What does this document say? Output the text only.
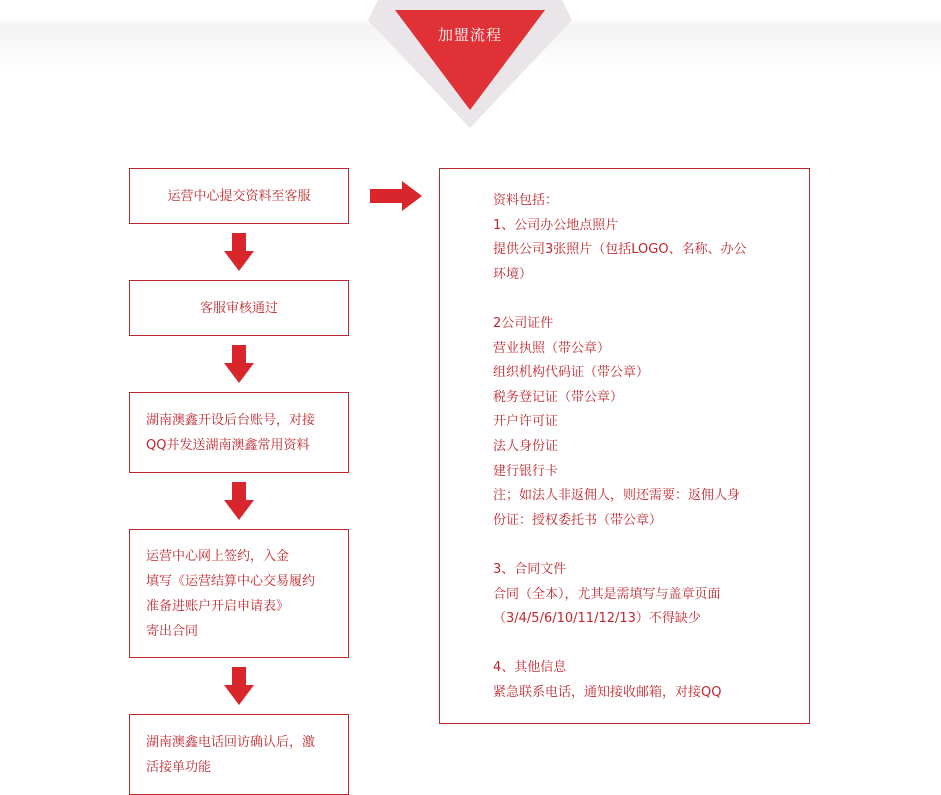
加盟流程
运营中心提交资料至客服
客服审核通过
湖南澳鑫开设后台账号，对接
QQ并发送湖南澳鑫常用资料
运营中心网上签约，入金
填写《运营结算中心交易履约
准备进账户开启申请表》
寄出合同
湖南澳鑫电话回访确认后，激
活接单功能
资料包括：
1、公司办公地点照片
提供公司3张照片（包括LOGO、名称、办公
环境）
2公司证件
营业执照（带公章）
组织机构代码证（带公章）
税务登记证（带公章）
开户许可证
法人身份证
建行银行卡
注；如法人非返佣人，则还需要：返佣人身
份证：授权委托书（带公章）
3、合同文件
合同（全本），尤其是需填写与盖章页面
（3/4/5/6/10/11/12/13）不得缺少
4、其他信息
紧急联系电话，通知接收邮箱，对接QQ
